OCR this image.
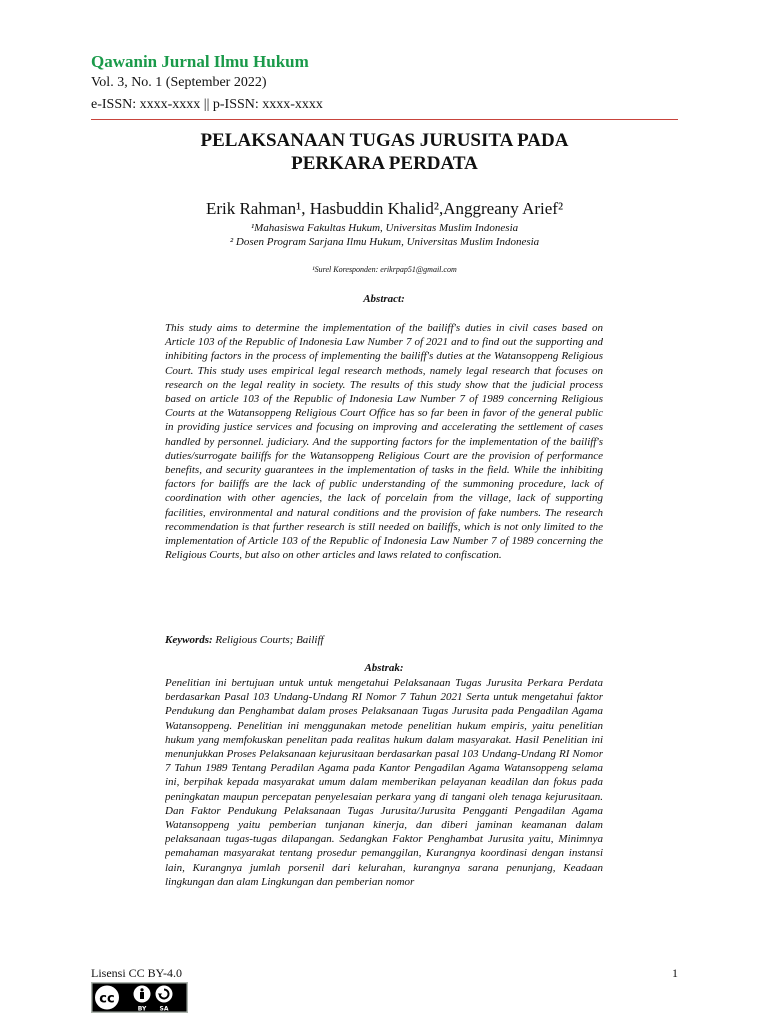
Qawanin Jurnal Ilmu Hukum
Vol. 3, No. 1 (September 2022)
e-ISSN: xxxx-xxxx || p-ISSN: xxxx-xxxx
PELAKSANAAN TUGAS JURUSITA PADA
PERKARA PERDATA
Erik Rahman¹, Hasbuddin Khalid²,Anggreany Arief²
¹Mahasiswa Fakultas Hukum, Universitas Muslim Indonesia
² Dosen Program Sarjana Ilmu Hukum, Universitas Muslim Indonesia
¹Surel Koresponden: erikrpap51@gmail.com
Abstract:
This study aims to determine the implementation of the bailiff's duties in civil cases based on Article 103 of the Republic of Indonesia Law Number 7 of 2021 and to find out the supporting and inhibiting factors in the process of implementing the bailiff's duties at the Watansoppeng Religious Court. This study uses empirical legal research methods, namely legal research that focuses on research on the legal reality in society. The results of this study show that the judicial process based on article 103 of the Republic of Indonesia Law Number 7 of 1989 concerning Religious Courts at the Watansoppeng Religious Court Office has so far been in favor of the general public in providing justice services and focusing on improving and accelerating the settlement of cases handled by personnel. judiciary. And the supporting factors for the implementation of the bailiff's duties/surrogate bailiffs for the Watansoppeng Religious Court are the provision of performance benefits, and security guarantees in the implementation of tasks in the field. While the inhibiting factors for bailiffs are the lack of public understanding of the summoning procedure, lack of coordination with other agencies, the lack of porcelain from the village, lack of supporting facilities, environmental and natural conditions and the provision of fake numbers. The research recommendation is that further research is still needed on bailiffs, which is not only limited to the implementation of Article 103 of the Republic of Indonesia Law Number 7 of 1989 concerning the Religious Courts, but also on other articles and laws related to confiscation.
Keywords: Religious Courts; Bailiff
Abstrak:
Penelitian ini bertujuan untuk untuk mengetahui Pelaksanaan Tugas Jurusita Perkara Perdata berdasarkan Pasal 103 Undang-Undang RI Nomor 7 Tahun 2021 Serta untuk mengetahui faktor Pendukung dan Penghambat dalam proses Pelaksanaan Tugas Jurusita pada Pengadilan Agama Watansoppeng. Penelitian ini menggunakan metode penelitian hukum empiris, yaitu penelitian hukum yang memfokuskan penelitan pada realitas hukum dalam masyarakat. Hasil Penelitian ini menunjukkan Proses Pelaksanaan kejurusitaan berdasarkan pasal 103 Undang-Undang RI Nomor 7 Tahun 1989 Tentang Peradilan Agama pada Kantor Pengadilan Agama Watansoppeng selama ini, berpihak kepada masyarakat umum dalam memberikan pelayanan keadilan dan fokus pada peningkatan maupun percepatan penyelesaian perkara yang di tangani oleh tenaga kejurusitaan. Dan Faktor Pendukung Pelaksanaan Tugas Jurusita/Jurusita Pengganti Pengadilan Agama Watansoppeng yaitu pemberian tunjanan kinerja, dan diberi jaminan keamanan dalam pelaksanaan tugas-tugas dilapangan. Sedangkan Faktor Penghambat Jurusita yaitu, Minimnya pemahaman masyarakat tentang prosedur pemanggilan, Kurangnya koordinasi dengan instansi lain, Kurangnya jumlah porsenil dari kelurahan, kurangnya sarana penunjang, Keadaan lingkungan dan alam Lingkungan dan pemberian nomor
Lisensi CC BY-4.0	1
cc
BY SA
